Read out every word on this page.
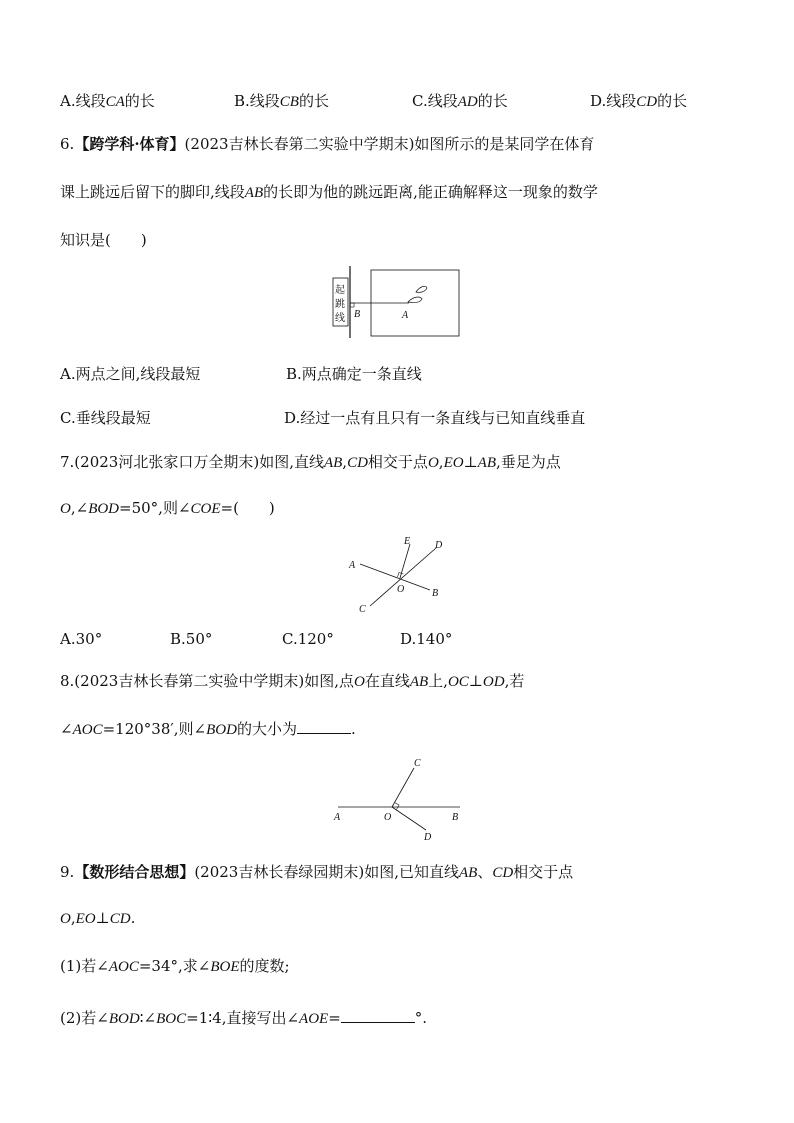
A.线段CA的长	B.线段CB的长	C.线段AD的长	D.线段CD的长
6.【跨学科·体育】(2023吉林长春第二实验中学期末)如图所示的是某同学在体育
课上跳远后留下的脚印,线段AB的长即为他的跳远距离,能正确解释这一现象的数学
知识是(　　)
起
跳
线 B	A
A.两点之间,线段最短	B.两点确定一条直线
C.垂线段最短	D.经过一点有且只有一条直线与已知直线垂直
7.(2023河北张家口万全期末)如图,直线AB,CD相交于点O,EO⊥AB,垂足为点
O,∠BOD=50°,则∠COE=(　　)
E D
A
O	B
C
A.30°	B.50°	C.120°	D.140°
8.(2023吉林长春第二实验中学期末)如图,点O在直线AB上,OC⊥OD,若
∠AOC=120°38′,则∠BOD的大小为	.
C
A	O	B
D
9.【数形结合思想】(2023吉林长春绿园期末)如图,已知直线AB、CD相交于点
O,EO⊥CD.
(1)若∠AOC=34°,求∠BOE的度数;
(2)若∠BOD∶∠BOC=1∶4,直接写出∠AOE=	°.
